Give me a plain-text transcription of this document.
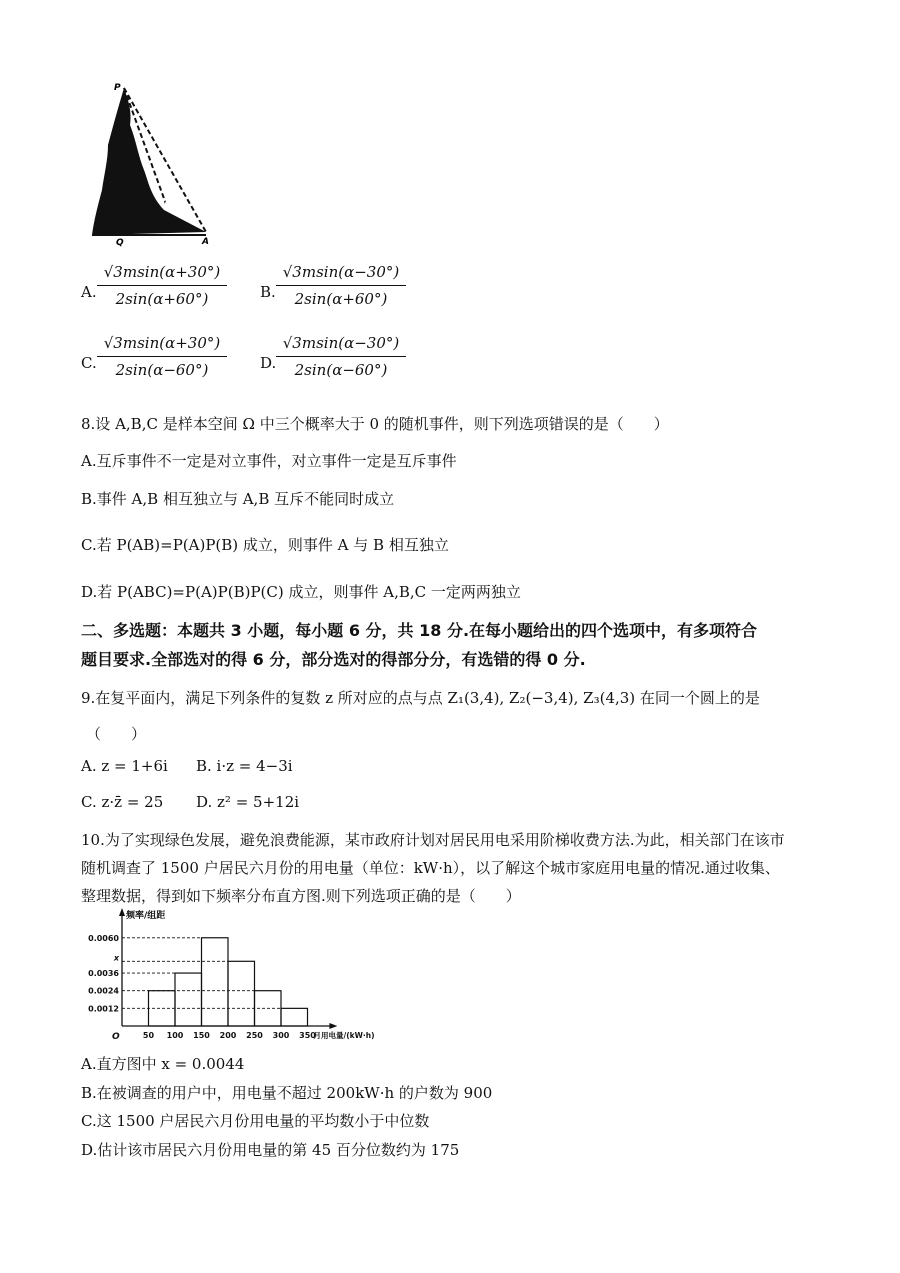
P
B
Q	A
A.
√3msin(α+30°)
2sin(α+60°)	B.
√3msin(α−30°)
2sin(α+60°)
C.
√3msin(α+30°)
2sin(α−60°)	D.
√3msin(α−30°)
2sin(α−60°)
8.设 A,B,C 是样本空间 Ω 中三个概率大于 0 的随机事件，则下列选项错误的是（　　）
A.互斥事件不一定是对立事件，对立事件一定是互斥事件
B.事件 A,B 相互独立与 A,B 互斥不能同时成立
C.若 P(AB)=P(A)P(B) 成立，则事件 A 与 B 相互独立
D.若 P(ABC)=P(A)P(B)P(C) 成立，则事件 A,B,C 一定两两独立
二、多选题：本题共 3 小题，每小题 6 分，共 18 分.在每小题给出的四个选项中，有多项符合
题目要求.全部选对的得 6 分，部分选对的得部分分，有选错的得 0 分.
9.在复平面内，满足下列条件的复数 z 所对应的点与点 Z₁(3,4), Z₂(−3,4), Z₃(4,3) 在同一个圆上的是
（　　）
A. z = 1+6i B. i·z = 4−3i
C. z·z̄ = 25 D. z² = 5+12i
10.为了实现绿色发展，避免浪费能源，某市政府计划对居民用电采用阶梯收费方法.为此，相关部门在该市
随机调查了 1500 户居民六月份的用电量（单位：kW·h），以了解这个城市家庭用电量的情况.通过收集、
整理数据，得到如下频率分布直方图.则下列选项正确的是（　　）
0.0060
x
0.0036
0.0024
0.0012
50 100 150 200 250 300 350
频率/组距
月用电量/(kW·h)
O
A.直方图中 x = 0.0044
B.在被调查的用户中，用电量不超过 200kW·h 的户数为 900
C.这 1500 户居民六月份用电量的平均数小于中位数
D.估计该市居民六月份用电量的第 45 百分位数约为 175
